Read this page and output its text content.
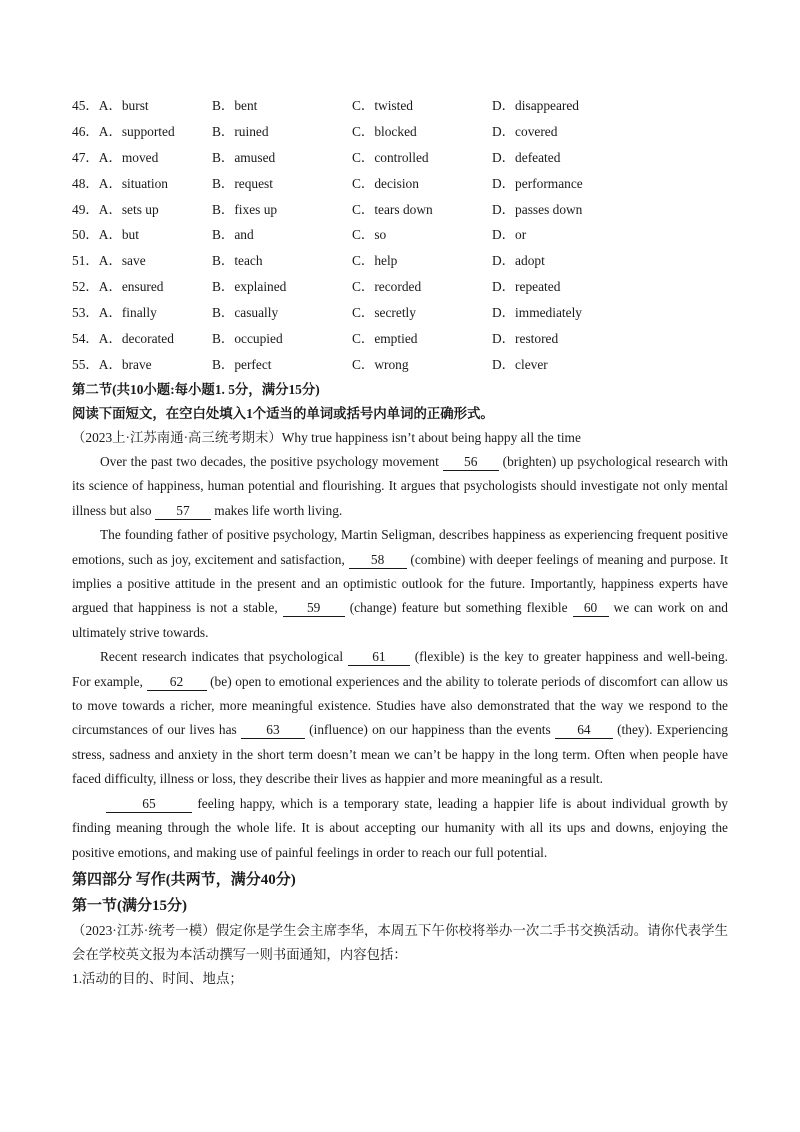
45．A．burst	B．bent	C．twisted	D．disappeared
46．A．supported	B．ruined	C．blocked	D．covered
47．A．moved	B．amused	C．controlled	D．defeated
48．A．situation	B．request	C．decision	D．performance
49．A．sets up	B．fixes up	C．tears down	D．passes down
50．A．but	B．and	C．so	D．or
51．A．save	B．teach	C．help	D．adopt
52．A．ensured	B．explained	C．recorded	D．repeated
53．A．finally	B．casually	C．secretly	D．immediately
54．A．decorated	B．occupied	C．emptied	D．restored
55．A．brave	B．perfect	C．wrong	D．clever
第二节(共10小题:每小题1. 5分，满分15分)
阅读下面短文，在空白处填入1个适当的单词或括号内单词的正确形式。
（2023上·江苏南通·高三统考期末）Why true happiness isn’t about being happy all the time

Over the past two decades, the positive psychology movement 56 (brighten) up psychological research with its science of happiness, human potential and flourishing. It argues that psychologists should investigate not only mental illness but also 57 makes life worth living.

The founding father of positive psychology, Martin Seligman, describes happiness as experiencing frequent positive emotions, such as joy, excitement and satisfaction, 58 (combine) with deeper feelings of meaning and purpose. It implies a positive attitude in the present and an optimistic outlook for the future. Importantly, happiness experts have argued that happiness is not a stable, 59 (change) feature but something flexible 60 we can work on and ultimately strive towards.

Recent research indicates that psychological 61 (flexible) is the key to greater happiness and well-being. For example, 62 (be) open to emotional experiences and the ability to tolerate periods of discomfort can allow us to move towards a richer, more meaningful existence. Studies have also demonstrated that the way we respond to the circumstances of our lives has 63 (influence) on our happiness than the events 64 (they). Experiencing stress, sadness and anxiety in the short term doesn’t mean we can’t be happy in the long term. Often when people have faced difficulty, illness or loss, they describe their lives as happier and more meaningful as a result.

65	feeling happy, which is a temporary state, leading a happier life is about individual growth by finding meaning through the whole life. It is about accepting our humanity with all its ups and downs, enjoying the positive emotions, and making use of painful feelings in order to reach our full potential.

第四部分 写作(共两节，满分40分)
第一节(满分15分)
（2023·江苏·统考一模）假定你是学生会主席李华，本周五下午你校将举办一次二手书交换活动。请你代表学生会在学校英文报为本活动撰写一则书面通知，内容包括：
1.活动的目的、时间、地点；
